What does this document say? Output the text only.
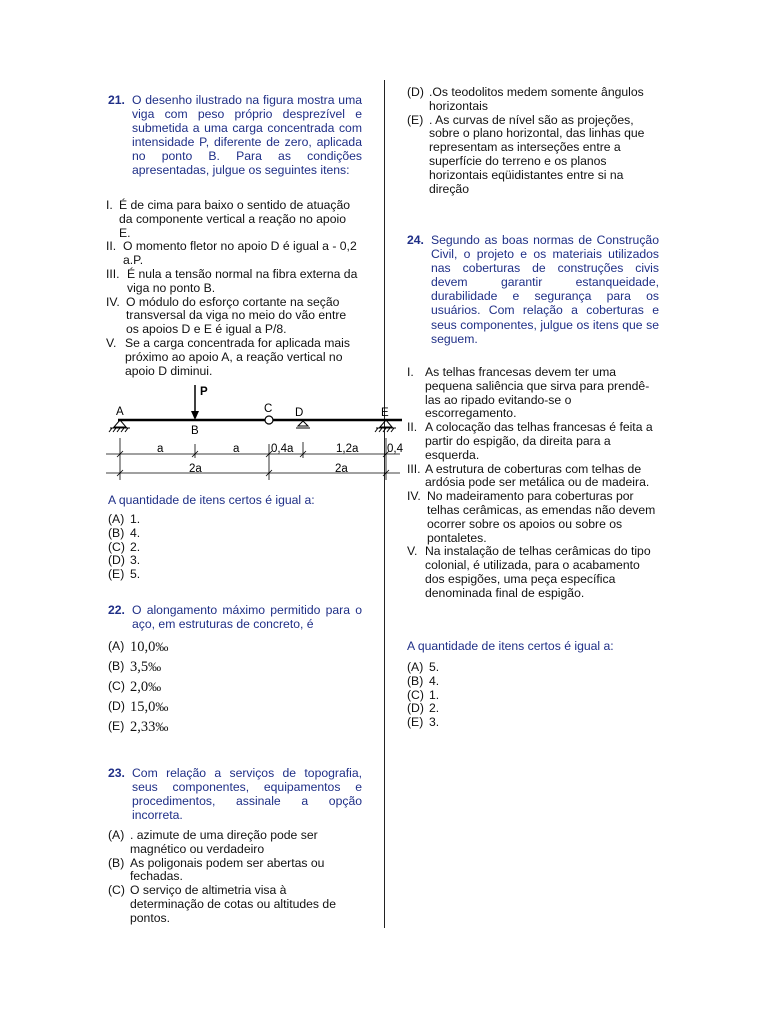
21. O desenho ilustrado na figura mostra uma viga com peso próprio desprezível e submetida a uma carga concentrada com intensidade P, diferente de zero, aplicada no ponto B. Para as condições apresentadas, julgue os seguintes itens:
I. É de cima para baixo o sentido de atuação da componente vertical a reação no apoio E.
II. O momento fletor no apoio D é igual a - 0,2 a.P.
III. É nula a tensão normal na fibra externa da viga no ponto B.
IV. O módulo do esforço cortante na seção transversal da viga no meio do vão entre os apoios D e E é igual a P/8.
V. Se a carga concentrada for aplicada mais próximo ao apoio A, a reação vertical no apoio D diminui.
A quantidade de itens certos é igual a:
(A) 1.
(B) 4.
(C) 2.
(D) 3.
(E) 5.
22. O alongamento máximo permitido para o aço, em estruturas de concreto, é
(A) 10,0‰
(B) 3,5‰
(C) 2,0‰
(D) 15,0‰
(E) 2,33‰
23. Com relação a serviços de topografia, seus componentes, equipamentos e procedimentos, assinale a opção incorreta.
(A) . azimute de uma direção pode ser magnético ou verdadeiro
(B) As poligonais podem ser abertas ou fechadas.
(C) O serviço de altimetria visa à determinação de cotas ou altitudes de pontos.
P
A
B
C D	E
a	a	0,4a	1,2a 0,4
2a	2a
(D) .Os teodolitos medem somente ângulos horizontais
(E) . As curvas de nível são as projeções, sobre o plano horizontal, das linhas que representam as interseções entre a superfície do terreno e os planos horizontais eqüidistantes entre si na direção
24. Segundo as boas normas de Construção Civil, o projeto e os materiais utilizados nas coberturas de construções civis devem garantir estanqueidade, durabilidade e segurança para os usuários. Com relação a coberturas e seus componentes, julgue os itens que se seguem.
I. As telhas francesas devem ter uma pequena saliência que sirva para prendê-las ao ripado evitando-se o escorregamento.
II. A colocação das telhas francesas é feita a partir do espigão, da direita para a esquerda.
III. A estrutura de coberturas com telhas de ardósia pode ser metálica ou de madeira.
IV. No madeiramento para coberturas por telhas cerâmicas, as emendas não devem ocorrer sobre os apoios ou sobre os pontaletes.
V. Na instalação de telhas cerâmicas do tipo colonial, é utilizada, para o acabamento dos espigões, uma peça específica denominada final de espigão.
A quantidade de itens certos é igual a:
(A) 5.
(B) 4.
(C) 1.
(D) 2.
(E) 3.
